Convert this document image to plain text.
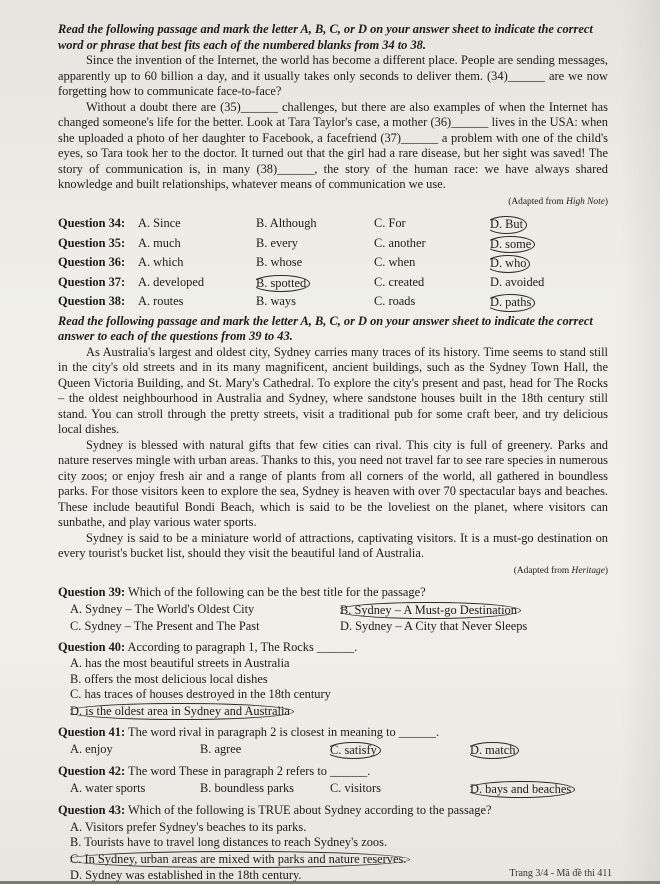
Read the following passage and mark the letter A, B, C, or D on your answer sheet to indicate the correct word or phrase that best fits each of the numbered blanks from 34 to 38.

Since the invention of the Internet, the world has become a different place. People are sending messages, apparently up to 60 billion a day, and it usually takes only seconds to deliver them. (34)______ are we now forgetting how to communicate face-to-face?

Without a doubt there are (35)______ challenges, but there are also examples of when the Internet has changed someone's life for the better. Look at Tara Taylor's case, a mother (36)______ lives in the USA: when she uploaded a photo of her daughter to Facebook, a facefriend (37)______ a problem with one of the child's eyes, so Tara took her to the doctor. It turned out that the girl had a rare disease, but her sight was saved! The story of communication is, in many (38)______, the story of the human race: we have always shared knowledge and built relationships, whatever means of communication we use.

(Adapted from High Note)
Question 34:	A. Since	B. Although	C. For	D. But
Question 35:	A. much	B. every	C. another	D. some
Question 36:	A. which	B. whose	C. when	D. who
Question 37:	A. developed	B. spotted	C. created	D. avoided
Question 38:	A. routes	B. ways	C. roads	D. paths

Read the following passage and mark the letter A, B, C, or D on your answer sheet to indicate the correct answer to each of the questions from 39 to 43.

As Australia's largest and oldest city, Sydney carries many traces of its history. Time seems to stand still in the city's old streets and in its many magnificent, ancient buildings, such as the Sydney Town Hall, the Queen Victoria Building, and St. Mary's Cathedral. To explore the city's present and past, head for The Rocks – the oldest neighbourhood in Australia and Sydney, where sandstone houses built in the 18th century still stand. You can stroll through the pretty streets, visit a traditional pub for some craft beer, and try delicious local dishes.

Sydney is blessed with natural gifts that few cities can rival. This city is full of greenery. Parks and nature reserves mingle with urban areas. Thanks to this, you need not travel far to see rare species in numerous city zoos; or enjoy fresh air and a range of plants from all corners of the world, all gathered in boundless parks. For those visitors keen to explore the sea, Sydney is heaven with over 70 spectacular bays and beaches. These include beautiful Bondi Beach, which is said to be the loveliest on the planet, where visitors can sunbathe, and play various water sports.

Sydney is said to be a miniature world of attractions, captivating visitors. It is a must-go destination on every tourist's bucket list, should they visit the beautiful land of Australia.

(Adapted from Heritage)
Question 39: Which of the following can be the best title for the passage?
A. Sydney – The World's Oldest City	B. Sydney – A Must-go Destination
C. Sydney – The Present and The Past	D. Sydney – A City that Never Sleeps
Question 40: According to paragraph 1, The Rocks ______.
A. has the most beautiful streets in Australia
B. offers the most delicious local dishes
C. has traces of houses destroyed in the 18th century
D. is the oldest area in Sydney and Australia
Question 41: The word rival in paragraph 2 is closest in meaning to ______.
A. enjoy	B. agree	C. satisfy	D. match
Question 42: The word These in paragraph 2 refers to ______.
A. water sports	B. boundless parks	C. visitors	D. bays and beaches
Question 43: Which of the following is TRUE about Sydney according to the passage?
A. Visitors prefer Sydney's beaches to its parks.
B. Tourists have to travel long distances to reach Sydney's zoos.
C. In Sydney, urban areas are mixed with parks and nature reserves.
D. Sydney was established in the 18th century.	Trang 3/4 - Mã đề thi 411
